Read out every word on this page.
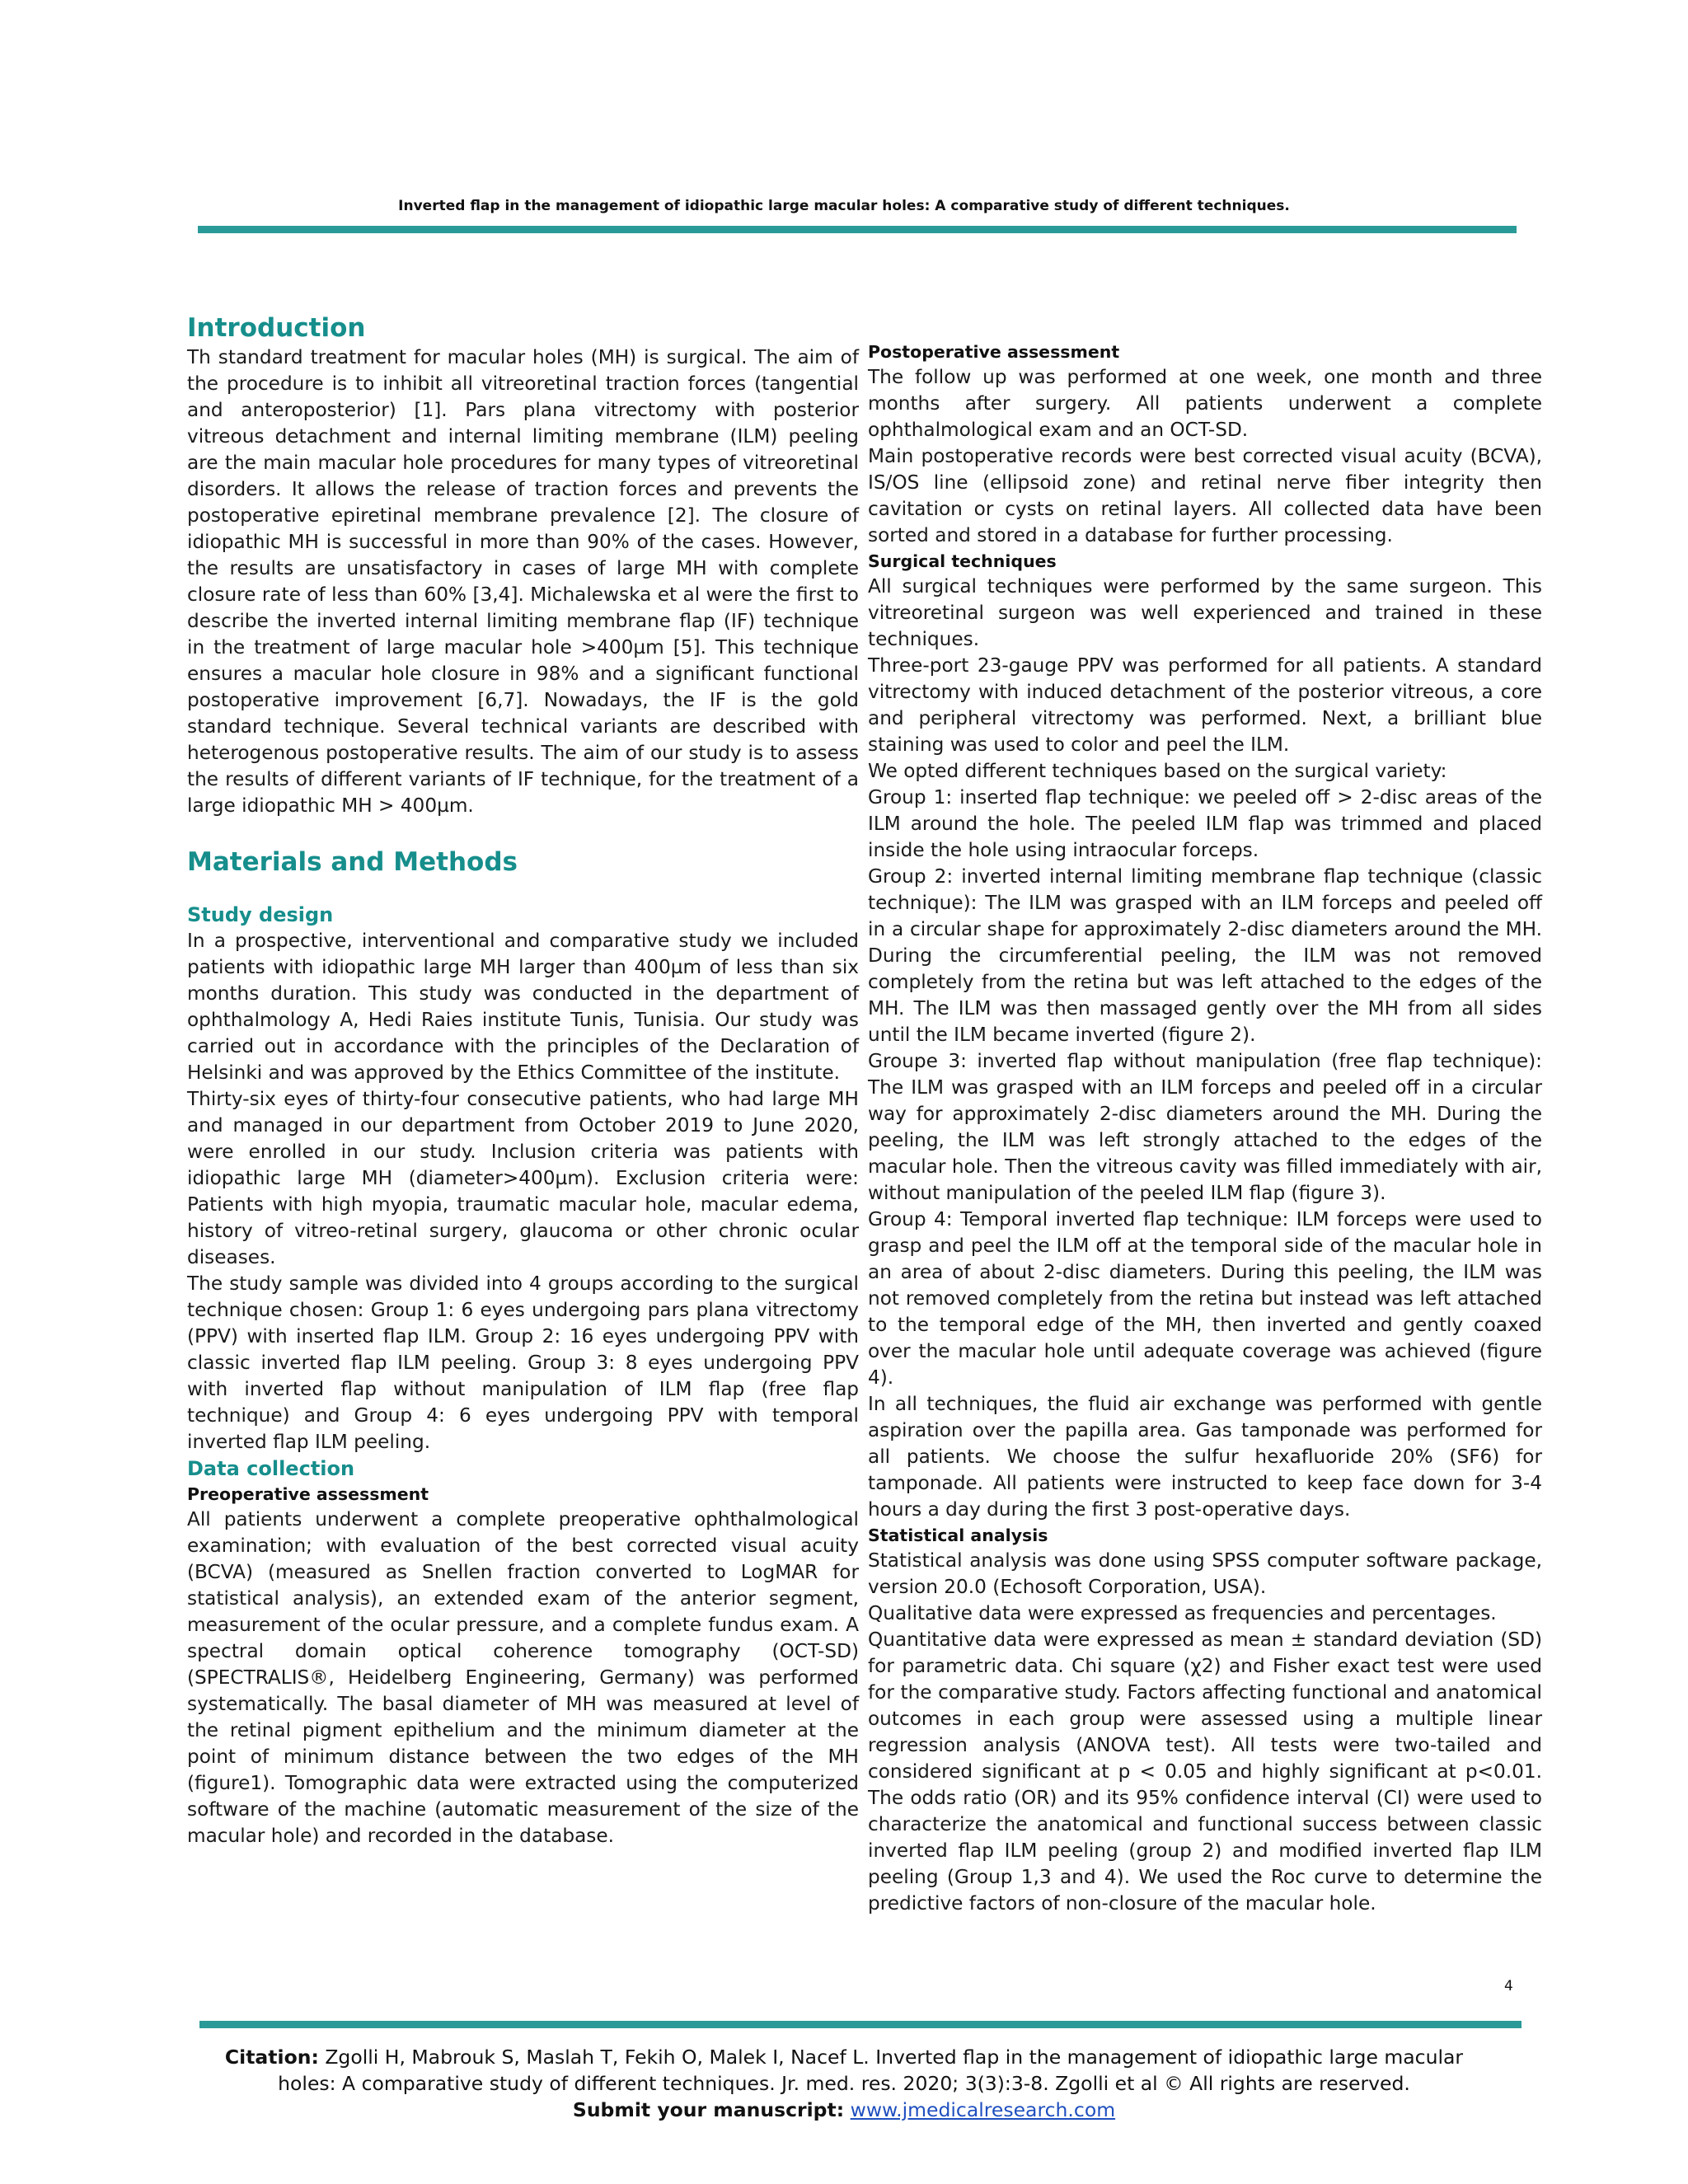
Inverted flap in the management of idiopathic large macular holes: A comparative study of different techniques.
Introduction

Th standard treatment for macular holes (MH) is surgical. The aim of the procedure is to inhibit all vitreoretinal traction forces (tangential and anteroposterior) [1]. Pars plana vitrectomy with posterior vitreous detachment and internal limiting membrane (ILM) peeling are the main macular hole procedures for many types of vitreoretinal disorders. It allows the release of traction forces and prevents the postoperative epiretinal membrane prevalence [2]. The closure of idiopathic MH is successful in more than 90% of the cases. However, the results are unsatisfactory in cases of large MH with complete closure rate of less than 60% [3,4]. Michalewska et al were the first to describe the inverted internal limiting membrane flap (IF) technique in the treatment of large macular hole >400µm [5]. This technique ensures a macular hole closure in 98% and a significant functional postoperative improvement [6,7]. Nowadays, the IF is the gold standard technique. Several technical variants are described with heterogenous postoperative results. The aim of our study is to assess the results of different variants of IF technique, for the treatment of a large idiopathic MH > 400µm.

Materials and Methods
Study design

In a prospective, interventional and comparative study we included patients with idiopathic large MH larger than 400µm of less than six months duration. This study was conducted in the department of ophthalmology A, Hedi Raies institute Tunis, Tunisia. Our study was carried out in accordance with the principles of the Declaration of Helsinki and was approved by the Ethics Committee of the institute.

Thirty-six eyes of thirty-four consecutive patients, who had large MH and managed in our department from October 2019 to June 2020, were enrolled in our study. Inclusion criteria was patients with idiopathic large MH (diameter>400µm). Exclusion criteria were: Patients with high myopia, traumatic macular hole, macular edema, history of vitreo-retinal surgery, glaucoma or other chronic ocular diseases.

The study sample was divided into 4 groups according to the surgical technique chosen: Group 1: 6 eyes undergoing pars plana vitrectomy (PPV) with inserted flap ILM. Group 2: 16 eyes undergoing PPV with classic inverted flap ILM peeling. Group 3: 8 eyes undergoing PPV with inverted flap without manipulation of ILM flap (free flap technique) and Group 4: 6 eyes undergoing PPV with temporal inverted flap ILM peeling.

Data collection
Preoperative assessment

All patients underwent a complete preoperative ophthalmological examination; with evaluation of the best corrected visual acuity (BCVA) (measured as Snellen fraction converted to LogMAR for statistical analysis), an extended exam of the anterior segment, measurement of the ocular pressure, and a complete fundus exam. A spectral domain optical coherence tomography (OCT-SD) (SPECTRALIS®, Heidelberg Engineering, Germany) was performed systematically. The basal diameter of MH was measured at level of the retinal pigment epithelium and the minimum diameter at the point of minimum distance between the two edges of the MH (figure1). Tomographic data were extracted using the computerized software of the machine (automatic measurement of the size of the macular hole) and recorded in the database.

Postoperative assessment

The follow up was performed at one week, one month and three months after surgery. All patients underwent a complete ophthalmological exam and an OCT-SD.

Main postoperative records were best corrected visual acuity (BCVA), IS/OS line (ellipsoid zone) and retinal nerve fiber integrity then cavitation or cysts on retinal layers. All collected data have been sorted and stored in a database for further processing.

Surgical techniques

All surgical techniques were performed by the same surgeon. This vitreoretinal surgeon was well experienced and trained in these techniques.

Three-port 23-gauge PPV was performed for all patients. A standard vitrectomy with induced detachment of the posterior vitreous, a core and peripheral vitrectomy was performed. Next, a brilliant blue staining was used to color and peel the ILM.

We opted different techniques based on the surgical variety:

Group 1: inserted flap technique: we peeled off > 2-disc areas of the ILM around the hole. The peeled ILM flap was trimmed and placed inside the hole using intraocular forceps.

Group 2: inverted internal limiting membrane flap technique (classic technique): The ILM was grasped with an ILM forceps and peeled off in a circular shape for approximately 2-disc diameters around the MH. During the circumferential peeling, the ILM was not removed completely from the retina but was left attached to the edges of the MH. The ILM was then massaged gently over the MH from all sides until the ILM became inverted (figure 2).

Groupe 3: inverted flap without manipulation (free flap technique): The ILM was grasped with an ILM forceps and peeled off in a circular way for approximately 2-disc diameters around the MH. During the peeling, the ILM was left strongly attached to the edges of the macular hole. Then the vitreous cavity was filled immediately with air, without manipulation of the peeled ILM flap (figure 3).

Group 4: Temporal inverted flap technique: ILM forceps were used to grasp and peel the ILM off at the temporal side of the macular hole in an area of about 2-disc diameters. During this peeling, the ILM was not removed completely from the retina but instead was left attached to the temporal edge of the MH, then inverted and gently coaxed over the macular hole until adequate coverage was achieved (figure 4).

In all techniques, the fluid air exchange was performed with gentle aspiration over the papilla area. Gas tamponade was performed for all patients. We choose the sulfur hexafluoride 20% (SF6) for tamponade. All patients were instructed to keep face down for 3-4 hours a day during the first 3 post-operative days.

Statistical analysis

Statistical analysis was done using SPSS computer software package, version 20.0 (Echosoft Corporation, USA).

Qualitative data were expressed as frequencies and percentages.

Quantitative data were expressed as mean ± standard deviation (SD) for parametric data. Chi square (χ2) and Fisher exact test were used for the comparative study. Factors affecting functional and anatomical outcomes in each group were assessed using a multiple linear regression analysis (ANOVA test). All tests were two-tailed and considered significant at p < 0.05 and highly significant at p<0.01. The odds ratio (OR) and its 95% confidence interval (CI) were used to characterize the anatomical and functional success between classic inverted flap ILM peeling (group 2) and modified inverted flap ILM peeling (Group 1,3 and 4). We used the Roc curve to determine the predictive factors of non-closure of the macular hole.

4
Citation: Zgolli H, Mabrouk S, Maslah T, Fekih O, Malek I, Nacef L. Inverted flap in the management of idiopathic large macular
holes: A comparative study of different techniques. Jr. med. res. 2020; 3(3):3-8. Zgolli et al © All rights are reserved.
Submit your manuscript: www.jmedicalresearch.com
